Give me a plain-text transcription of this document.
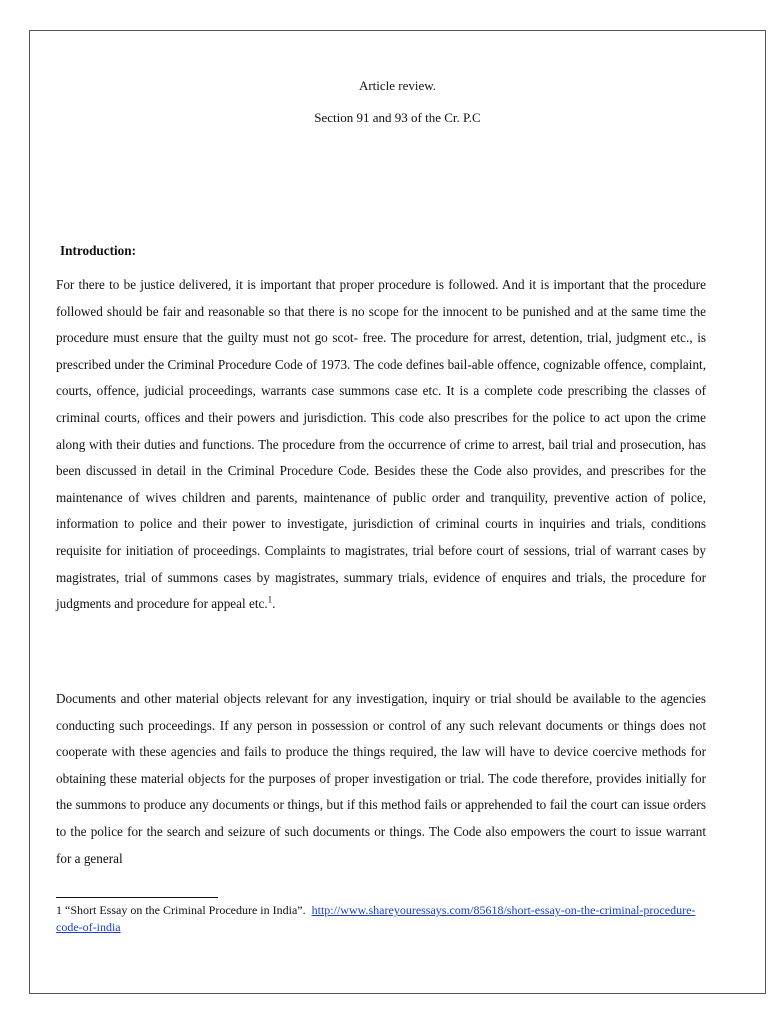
Article review.
Section 91 and 93 of the Cr. P.C
Introduction:

For there to be justice delivered, it is important that proper procedure is followed. And it is important that the procedure followed should be fair and reasonable so that there is no scope for the innocent to be punished and at the same time the procedure must ensure that the guilty must not go scot- free. The procedure for arrest, detention, trial, judgment etc., is prescribed under the Criminal Procedure Code of 1973. The code defines bail-able offence, cognizable offence, complaint, courts, offence, judicial proceedings, warrants case summons case etc. It is a complete code prescribing the classes of criminal courts, offices and their powers and jurisdiction. This code also prescribes for the police to act upon the crime along with their duties and functions. The procedure from the occurrence of crime to arrest, bail trial and prosecution, has been discussed in detail in the Criminal Procedure Code. Besides these the Code also provides, and prescribes for the maintenance of wives children and parents, maintenance of public order and tranquility, preventive action of police, information to police and their power to investigate, jurisdiction of criminal courts in inquiries and trials, conditions requisite for initiation of proceedings. Complaints to magistrates, trial before court of sessions, trial of warrant cases by magistrates, trial of summons cases by magistrates, summary trials, evidence of enquires and trials, the procedure for judgments and procedure for appeal etc.$^1$.

Documents and other material objects relevant for any investigation, inquiry or trial should be available to the agencies conducting such proceedings. If any person in possession or control of any such relevant documents or things does not cooperate with these agencies and fails to produce the things required, the law will have to device coercive methods for obtaining these material objects for the purposes of proper investigation or trial. The code therefore, provides initially for the summons to produce any documents or things, but if this method fails or apprehended to fail the court can issue orders to the police for the search and seizure of such documents or things. The Code also empowers the court to issue warrant for a general

1 “Short Essay on the Criminal Procedure in India”. http://www.shareyouressays.com/85618/short-essay-on-the-criminal-procedure-code-of-india
